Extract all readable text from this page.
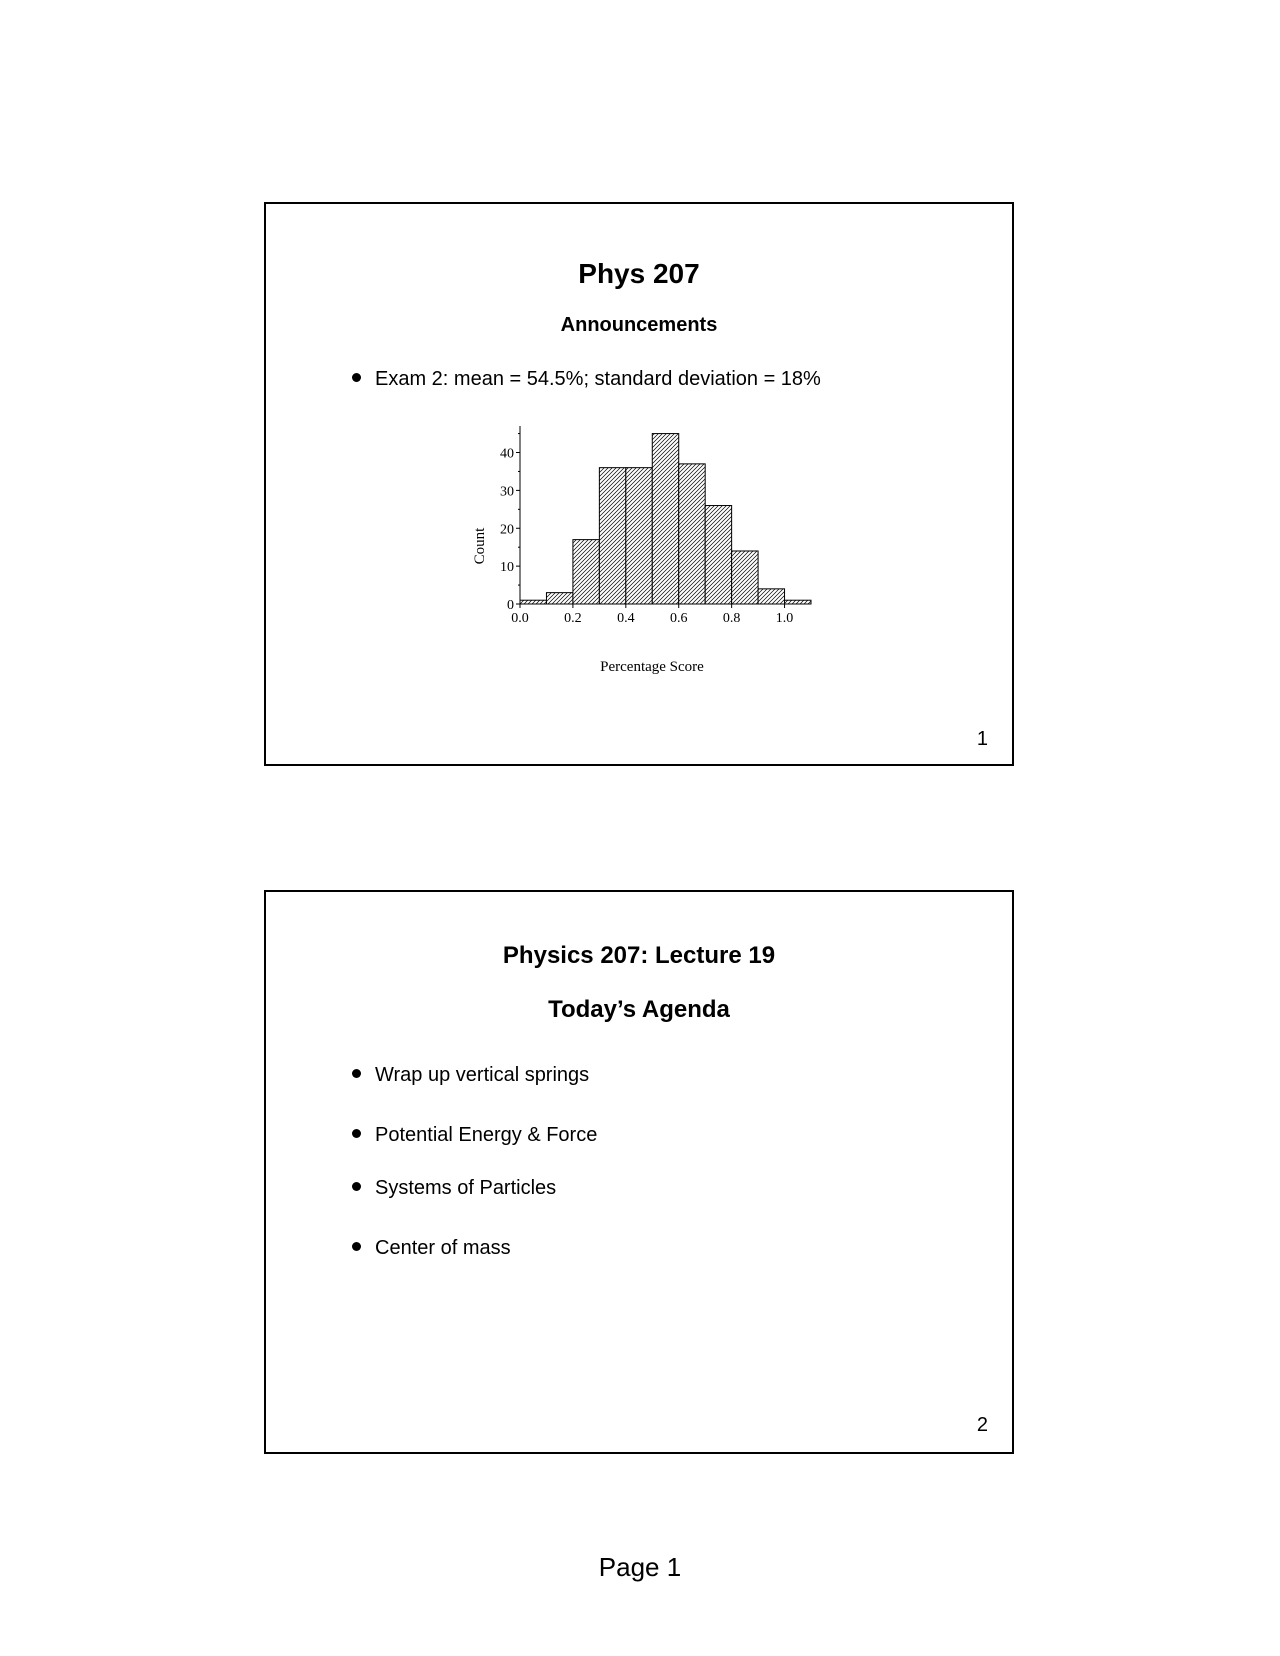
Phys 207
Announcements
Exam 2: mean = 54.5%; standard deviation = 18%
0
10
20
30
40
0.0	0.2	0.4	0.6	0.8	1.0
Count
Percentage Score
1
Physics 207: Lecture 19
Today’s Agenda
Wrap up vertical springs
Potential Energy & Force
Systems of Particles
Center of mass
2
Page 1
